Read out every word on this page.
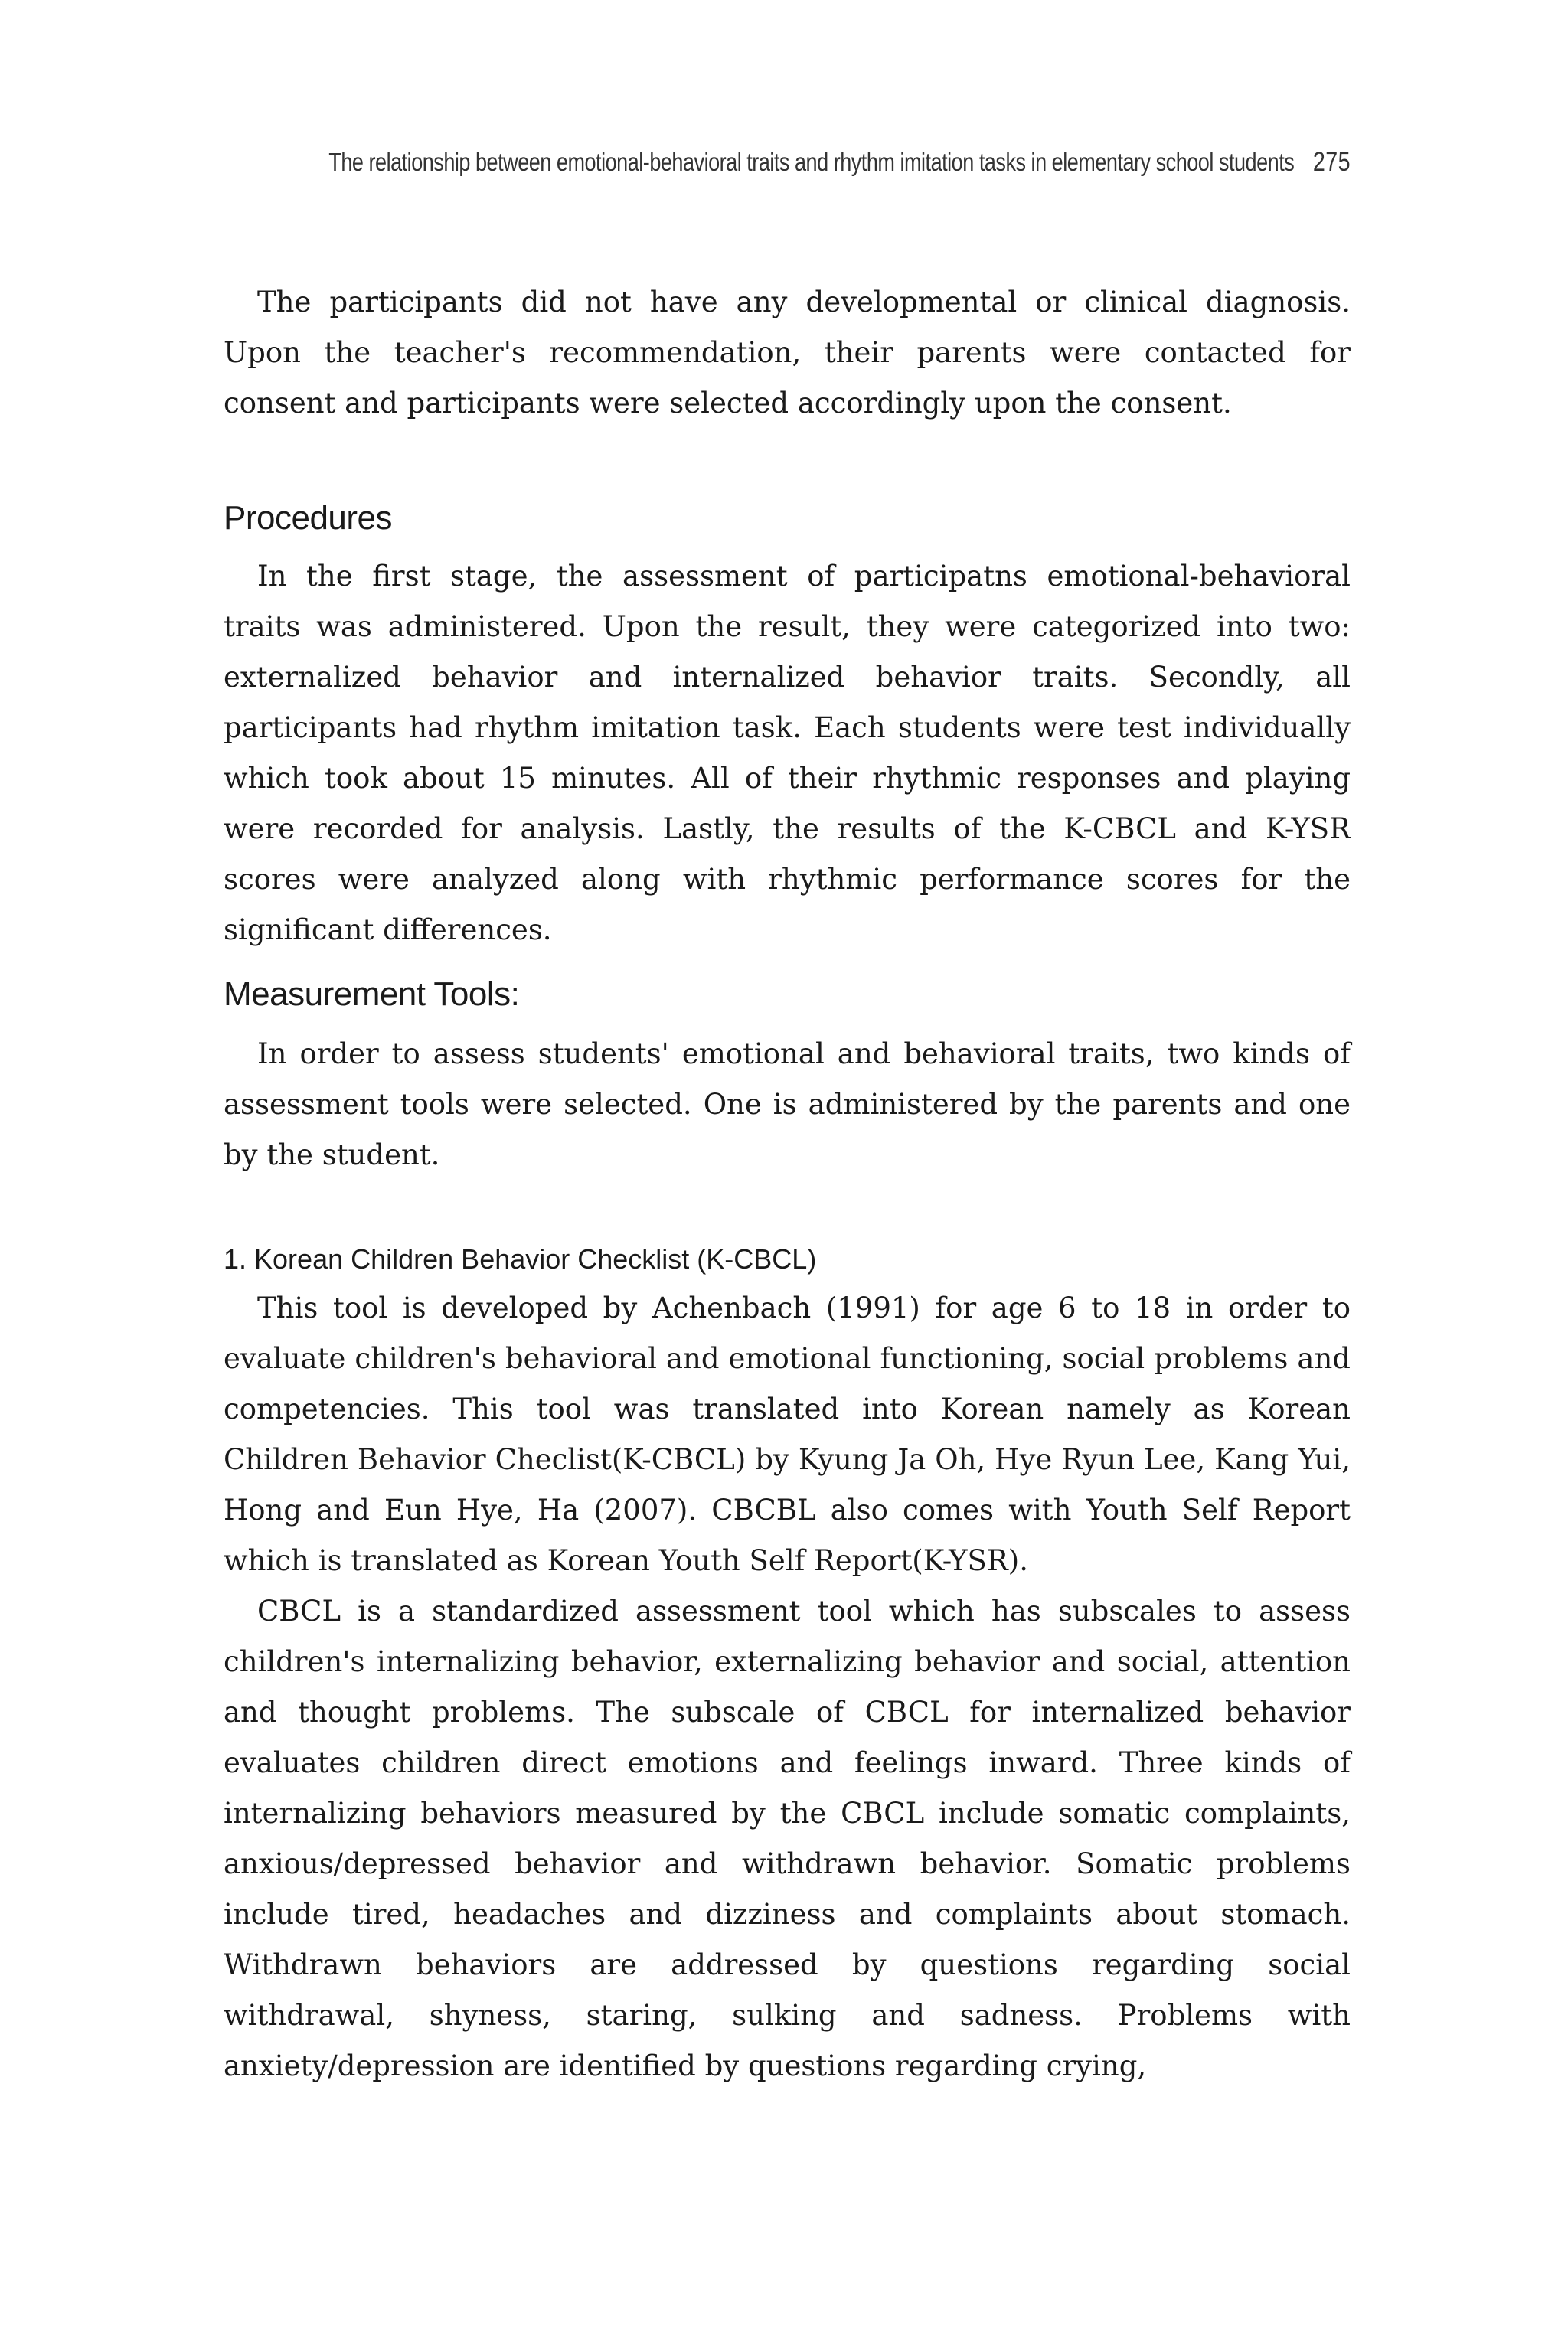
The relationship between emotional-behavioral traits and rhythm imitation tasks in elementary school students 275

The participants did not have any developmental or clinical diagnosis. Upon the teacher's recommendation, their parents were contacted for consent and participants were selected accordingly upon the consent.

Procedures

In the first stage, the assessment of participatns emotional-behavioral traits was administered. Upon the result, they were categorized into two: externalized behavior and internalized behavior traits. Secondly, all participants had rhythm imitation task. Each students were test individually which took about 15 minutes. All of their rhythmic responses and playing were recorded for analysis. Lastly, the results of the K-CBCL and K-YSR scores were analyzed along with rhythmic performance scores for the significant differences.

Measurement Tools:

In order to assess students' emotional and behavioral traits, two kinds of assessment tools were selected. One is administered by the parents and one by the student.

1. Korean Children Behavior Checklist (K-CBCL)

This tool is developed by Achenbach (1991) for age 6 to 18 in order to evaluate children's behavioral and emotional functioning, social problems and competencies. This tool was translated into Korean namely as Korean Children Behavior Checlist(K-CBCL) by Kyung Ja Oh, Hye Ryun Lee, Kang Yui, Hong and Eun Hye, Ha (2007). CBCBL also comes with Youth Self Report which is translated as Korean Youth Self Report(K-YSR).

CBCL is a standardized assessment tool which has subscales to assess children's internalizing behavior, externalizing behavior and social, attention and thought problems. The subscale of CBCL for internalized behavior evaluates children direct emotions and feelings inward. Three kinds of internalizing behaviors measured by the CBCL include somatic complaints, anxious/depressed behavior and withdrawn behavior. Somatic problems include tired, headaches and dizziness and complaints about stomach. Withdrawn behaviors are addressed by questions regarding social withdrawal, shyness, staring, sulking and sadness. Problems with anxiety/depression are identified by questions regarding crying,
